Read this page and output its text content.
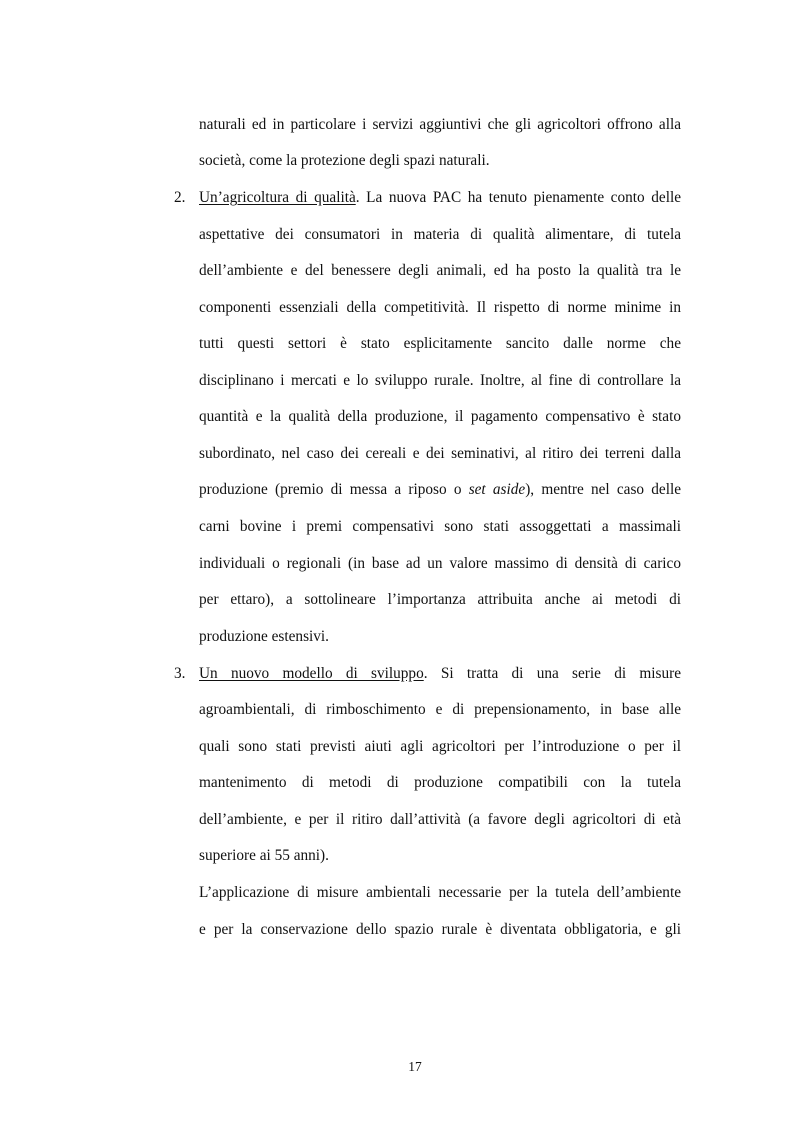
naturali ed in particolare i servizi aggiuntivi che gli agricoltori offrono alla
società, come la protezione degli spazi naturali.
2. Un’agricoltura di qualità. La nuova PAC ha tenuto pienamente conto delle
aspettative dei consumatori in materia di qualità alimentare, di tutela
dell’ambiente e del benessere degli animali, ed ha posto la qualità tra le
componenti essenziali della competitività. Il rispetto di norme minime in
tutti questi settori è stato esplicitamente sancito dalle norme che
disciplinano i mercati e lo sviluppo rurale. Inoltre, al fine di controllare la
quantità e la qualità della produzione, il pagamento compensativo è stato
subordinato, nel caso dei cereali e dei seminativi, al ritiro dei terreni dalla
produzione (premio di messa a riposo o set aside), mentre nel caso delle
carni bovine i premi compensativi sono stati assoggettati a massimali
individuali o regionali (in base ad un valore massimo di densità di carico
per ettaro), a sottolineare l’importanza attribuita anche ai metodi di
produzione estensivi.
3. Un nuovo modello di sviluppo. Si tratta di una serie di misure
agroambientali, di rimboschimento e di prepensionamento, in base alle
quali sono stati previsti aiuti agli agricoltori per l’introduzione o per il
mantenimento di metodi di produzione compatibili con la tutela
dell’ambiente, e per il ritiro dall’attività (a favore degli agricoltori di età
superiore ai 55 anni).
L’applicazione di misure ambientali necessarie per la tutela dell’ambiente
e per la conservazione dello spazio rurale è diventata obbligatoria, e gli
17
